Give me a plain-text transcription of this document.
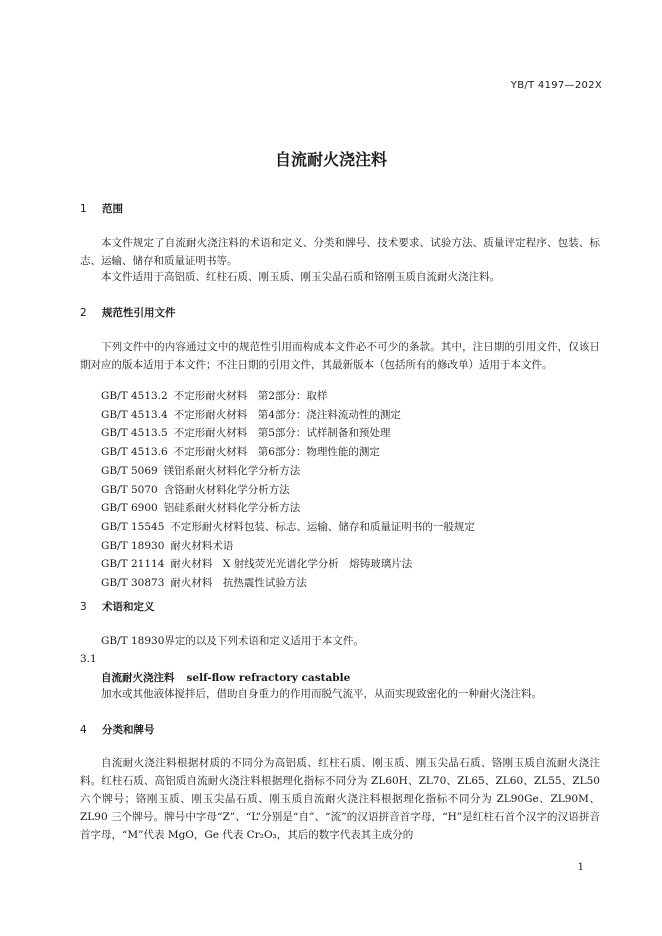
YB/T 4197—202X
自流耐火浇注料
1 范围

本文件规定了自流耐火浇注料的术语和定义、分类和牌号、技术要求、试验方法、质量评定程序、包装、标志、运输、储存和质量证明书等。

本文件适用于高铝质、红柱石质、刚玉质、刚玉尖晶石质和铬刚玉质自流耐火浇注料。

2 规范性引用文件

下列文件中的内容通过文中的规范性引用而构成本文件必不可少的条款。其中，注日期的引用文件，仅该日期对应的版本适用于本文件；不注日期的引用文件，其最新版本（包括所有的修改单）适用于本文件。

GB/T 4513.2 不定形耐火材料　第2部分：取样
GB/T 4513.4 不定形耐火材料　第4部分：浇注料流动性的测定
GB/T 4513.5 不定形耐火材料　第5部分：试样制备和预处理
GB/T 4513.6 不定形耐火材料　第6部分：物理性能的测定
GB/T 5069 镁铝系耐火材料化学分析方法
GB/T 5070 含铬耐火材料化学分析方法
GB/T 6900 铝硅系耐火材料化学分析方法
GB/T 15545 不定形耐火材料包装、标志、运输、储存和质量证明书的一般规定
GB/T 18930 耐火材料术语
GB/T 21114 耐火材料　X 射线荧光光谱化学分析　熔铸玻璃片法
GB/T 30873 耐火材料　抗热震性试验方法
3 术语和定义

GB/T 18930界定的以及下列术语和定义适用于本文件。

3.1
自流耐火浇注料 self-flow refractory castable
加水或其他液体搅拌后，借助自身重力的作用而脱气流平，从而实现致密化的一种耐火浇注料。
4 分类和牌号

自流耐火浇注料根据材质的不同分为高铝质、红柱石质、刚玉质、刚玉尖晶石质、铬刚玉质自流耐火浇注料。红柱石质、高铝质自流耐火浇注料根据理化指标不同分为 ZL60H、ZL70、ZL65、ZL60、ZL55、ZL50 六个牌号；铬刚玉质、刚玉尖晶石质、刚玉质自流耐火浇注料根据理化指标不同分为 ZL90Ge、ZL90M、ZL90 三个牌号。牌号中字母“Z”、“L”分别是“自”、“流”的汉语拼音首字母，“H”是红柱石首个汉字的汉语拼音首字母，“M”代表 MgO，Ge 代表 Cr₂O₃，其后的数字代表其主成分的

1
